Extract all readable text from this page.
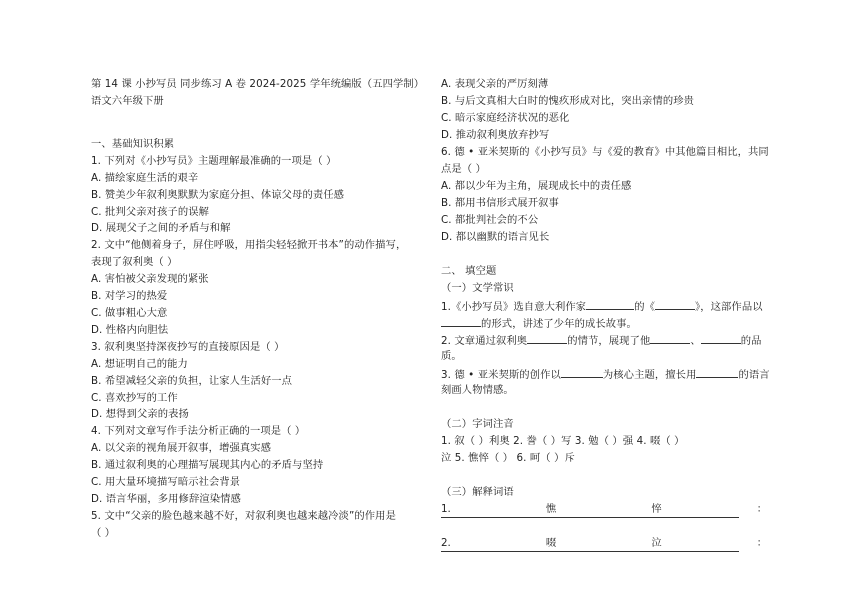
第 14 课 小抄写员 同步练习 A 卷 2024-2025 学年统编版（五四学制）
语文六年级下册
一、基础知识积累
1. 下列对《小抄写员》主题理解最准确的一项是（ ）
A. 描绘家庭生活的艰辛
B. 赞美少年叙利奥默默为家庭分担、体谅父母的责任感
C. 批判父亲对孩子的误解
D. 展现父子之间的矛盾与和解
2. 文中“他侧着身子，屏住呼吸，用指尖轻轻掀开书本”的动作描写，
表现了叙利奥（ ）
A. 害怕被父亲发现的紧张
B. 对学习的热爱
C. 做事粗心大意
D. 性格内向胆怯
3. 叙利奥坚持深夜抄写的直接原因是（ ）
A. 想证明自己的能力
B. 希望减轻父亲的负担，让家人生活好一点
C. 喜欢抄写的工作
D. 想得到父亲的表扬
4. 下列对文章写作手法分析正确的一项是（ ）
A. 以父亲的视角展开叙事，增强真实感
B. 通过叙利奥的心理描写展现其内心的矛盾与坚持
C. 用大量环境描写暗示社会背景
D. 语言华丽，多用修辞渲染情感
5. 文中“父亲的脸色越来越不好，对叙利奥也越来越冷淡”的作用是
（ ）
A. 表现父亲的严厉刻薄
B. 与后文真相大白时的愧疚形成对比，突出亲情的珍贵
C. 暗示家庭经济状况的恶化
D. 推动叙利奥放弃抄写
6. 德 • 亚米契斯的《小抄写员》与《爱的教育》中其他篇目相比，共同
点是（ ）
A. 都以少年为主角，展现成长中的责任感
B. 都用书信形式展开叙事
C. 都批判社会的不公
D. 都以幽默的语言见长
二、 填空题
（一）文学常识
1.《小抄写员》选自意大利作家	的《	》，这部作品以
的形式，讲述了少年的成长故事。
2. 文章通过叙利奥	的情节，展现了他	、	的品
质。
3. 德 • 亚米契斯的创作以	为核心主题，擅长用	的语言
刻画人物情感。
（二）字词注音
1. 叙（ ）利奥 2. 誊（ ）写 3. 勉（ ）强 4. 啜（ ）
泣 5. 憔悴（ ） 6. 呵（ ）斥
（三）解释词语
1.	憔	悴	：
2.	啜	泣	：
